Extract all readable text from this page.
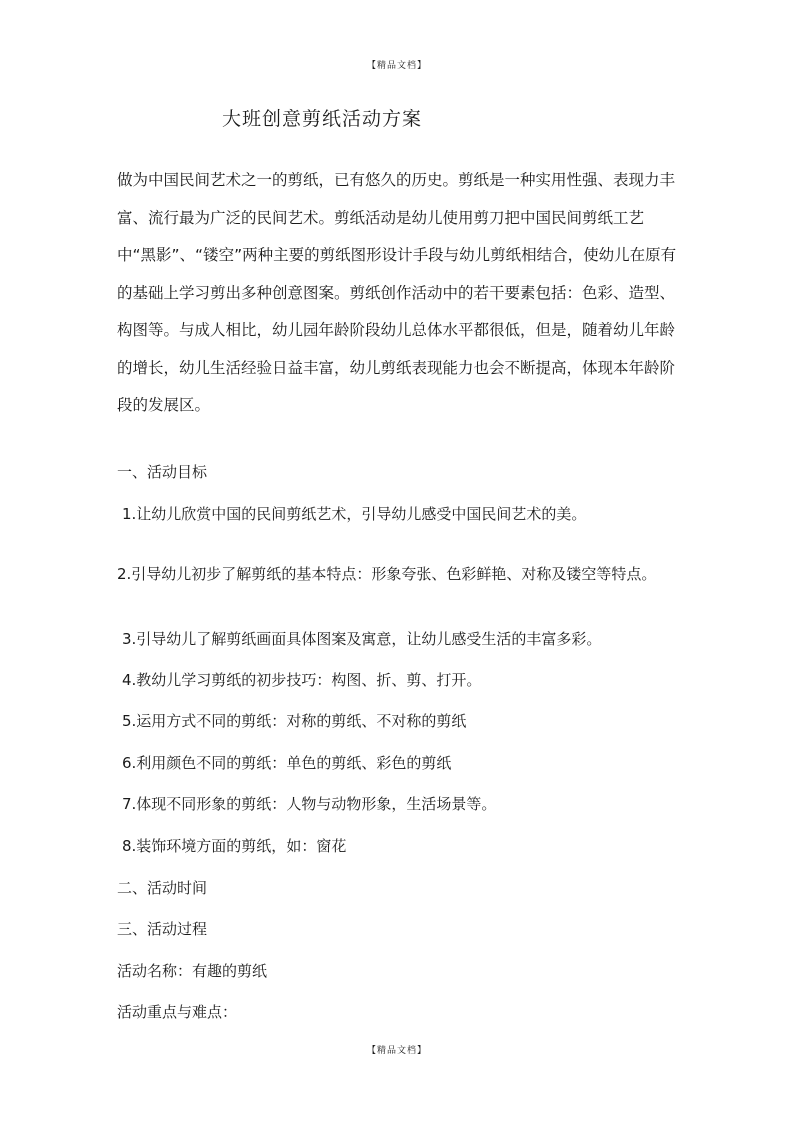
【精品文档】
大班创意剪纸活动方案
做为中国民间艺术之一的剪纸，已有悠久的历史。剪纸是一种实用性强、表现力丰富、流行最为广泛的民间艺术。剪纸活动是幼儿使用剪刀把中国民间剪纸工艺中“黑影”、“镂空”两种主要的剪纸图形设计手段与幼儿剪纸相结合，使幼儿在原有的基础上学习剪出多种创意图案。剪纸创作活动中的若干要素包括：色彩、造型、构图等。与成人相比，幼儿园年龄阶段幼儿总体水平都很低，但是，随着幼儿年龄的增长，幼儿生活经验日益丰富，幼儿剪纸表现能力也会不断提高，体现本年龄阶段的发展区。
一、活动目标
1.让幼儿欣赏中国的民间剪纸艺术，引导幼儿感受中国民间艺术的美。
2.引导幼儿初步了解剪纸的基本特点：形象夸张、色彩鲜艳、对称及镂空等特点。
3.引导幼儿了解剪纸画面具体图案及寓意，让幼儿感受生活的丰富多彩。
4.教幼儿学习剪纸的初步技巧：构图、折、剪、打开。
5.运用方式不同的剪纸：对称的剪纸、不对称的剪纸
6.利用颜色不同的剪纸：单色的剪纸、彩色的剪纸
7.体现不同形象的剪纸：人物与动物形象，生活场景等。
8.装饰环境方面的剪纸，如：窗花
二、活动时间
三、活动过程
活动名称：有趣的剪纸
活动重点与难点：
【精品文档】
